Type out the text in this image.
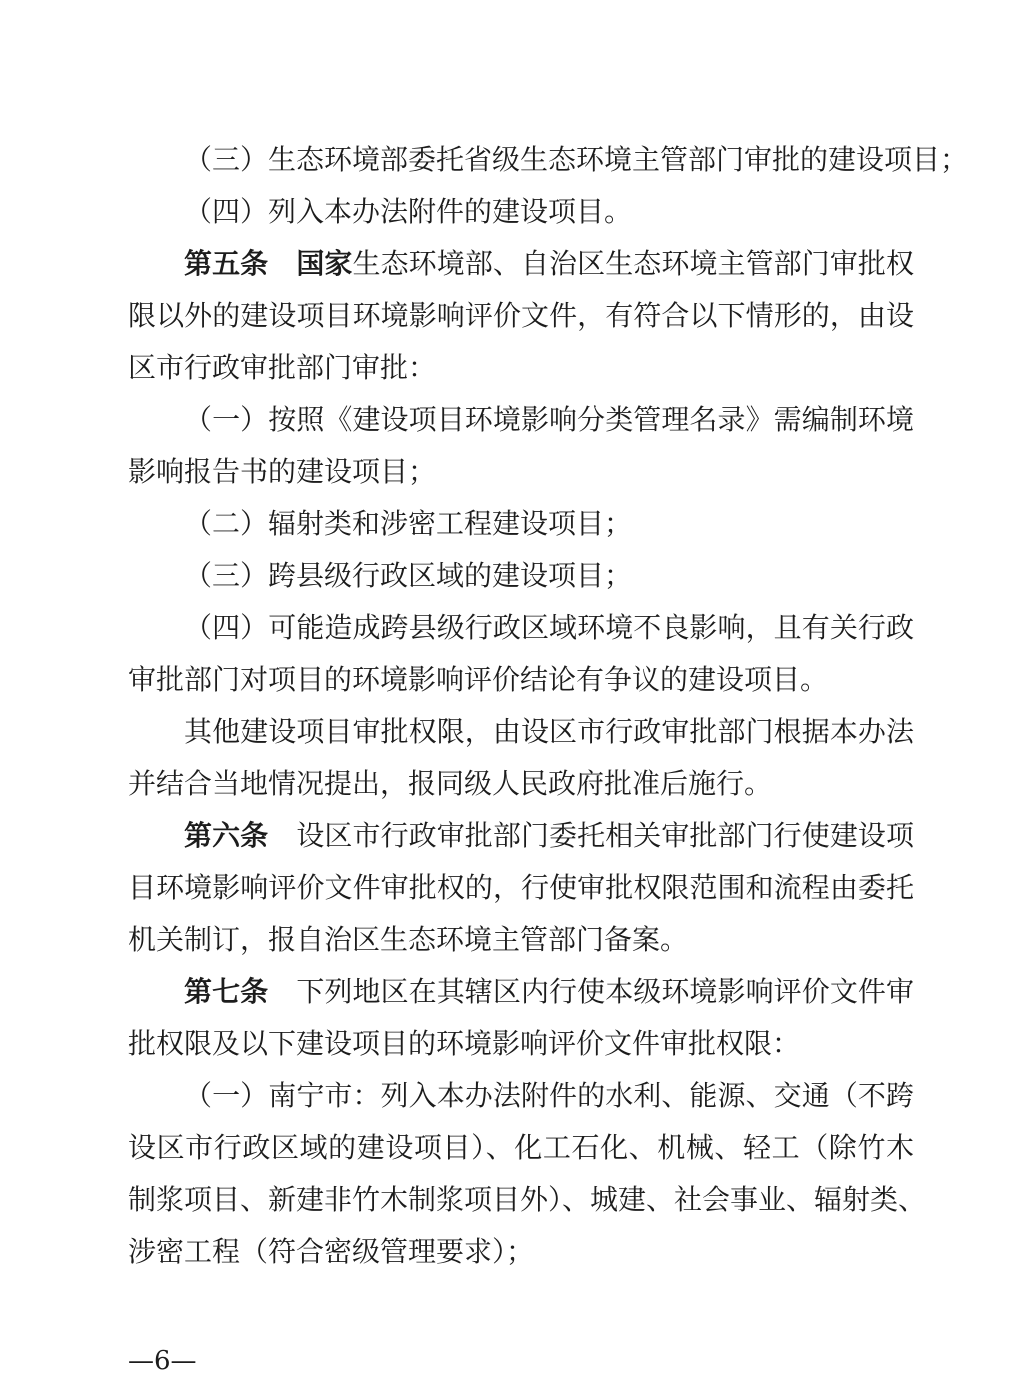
（三）生态环境部委托省级生态环境主管部门审批的建设项目；
（四）列入本办法附件的建设项目。
第五条 国家生态环境部、自治区生态环境主管部门审批权
限以外的建设项目环境影响评价文件，有符合以下情形的，由设
区市行政审批部门审批：
（一）按照《建设项目环境影响分类管理名录》需编制环境
影响报告书的建设项目；
（二）辐射类和涉密工程建设项目；
（三）跨县级行政区域的建设项目；
（四）可能造成跨县级行政区域环境不良影响，且有关行政
审批部门对项目的环境影响评价结论有争议的建设项目。
其他建设项目审批权限，由设区市行政审批部门根据本办法
并结合当地情况提出，报同级人民政府批准后施行。
第六条 设区市行政审批部门委托相关审批部门行使建设项
目环境影响评价文件审批权的，行使审批权限范围和流程由委托
机关制订，报自治区生态环境主管部门备案。
第七条 下列地区在其辖区内行使本级环境影响评价文件审
批权限及以下建设项目的环境影响评价文件审批权限：
（一）南宁市：列入本办法附件的水利、能源、交通（不跨
设区市行政区域的建设项目）、化工石化、机械、轻工（除竹木
制浆项目、新建非竹木制浆项目外）、城建、社会事业、辐射类、
涉密工程（符合密级管理要求）；
—6—
